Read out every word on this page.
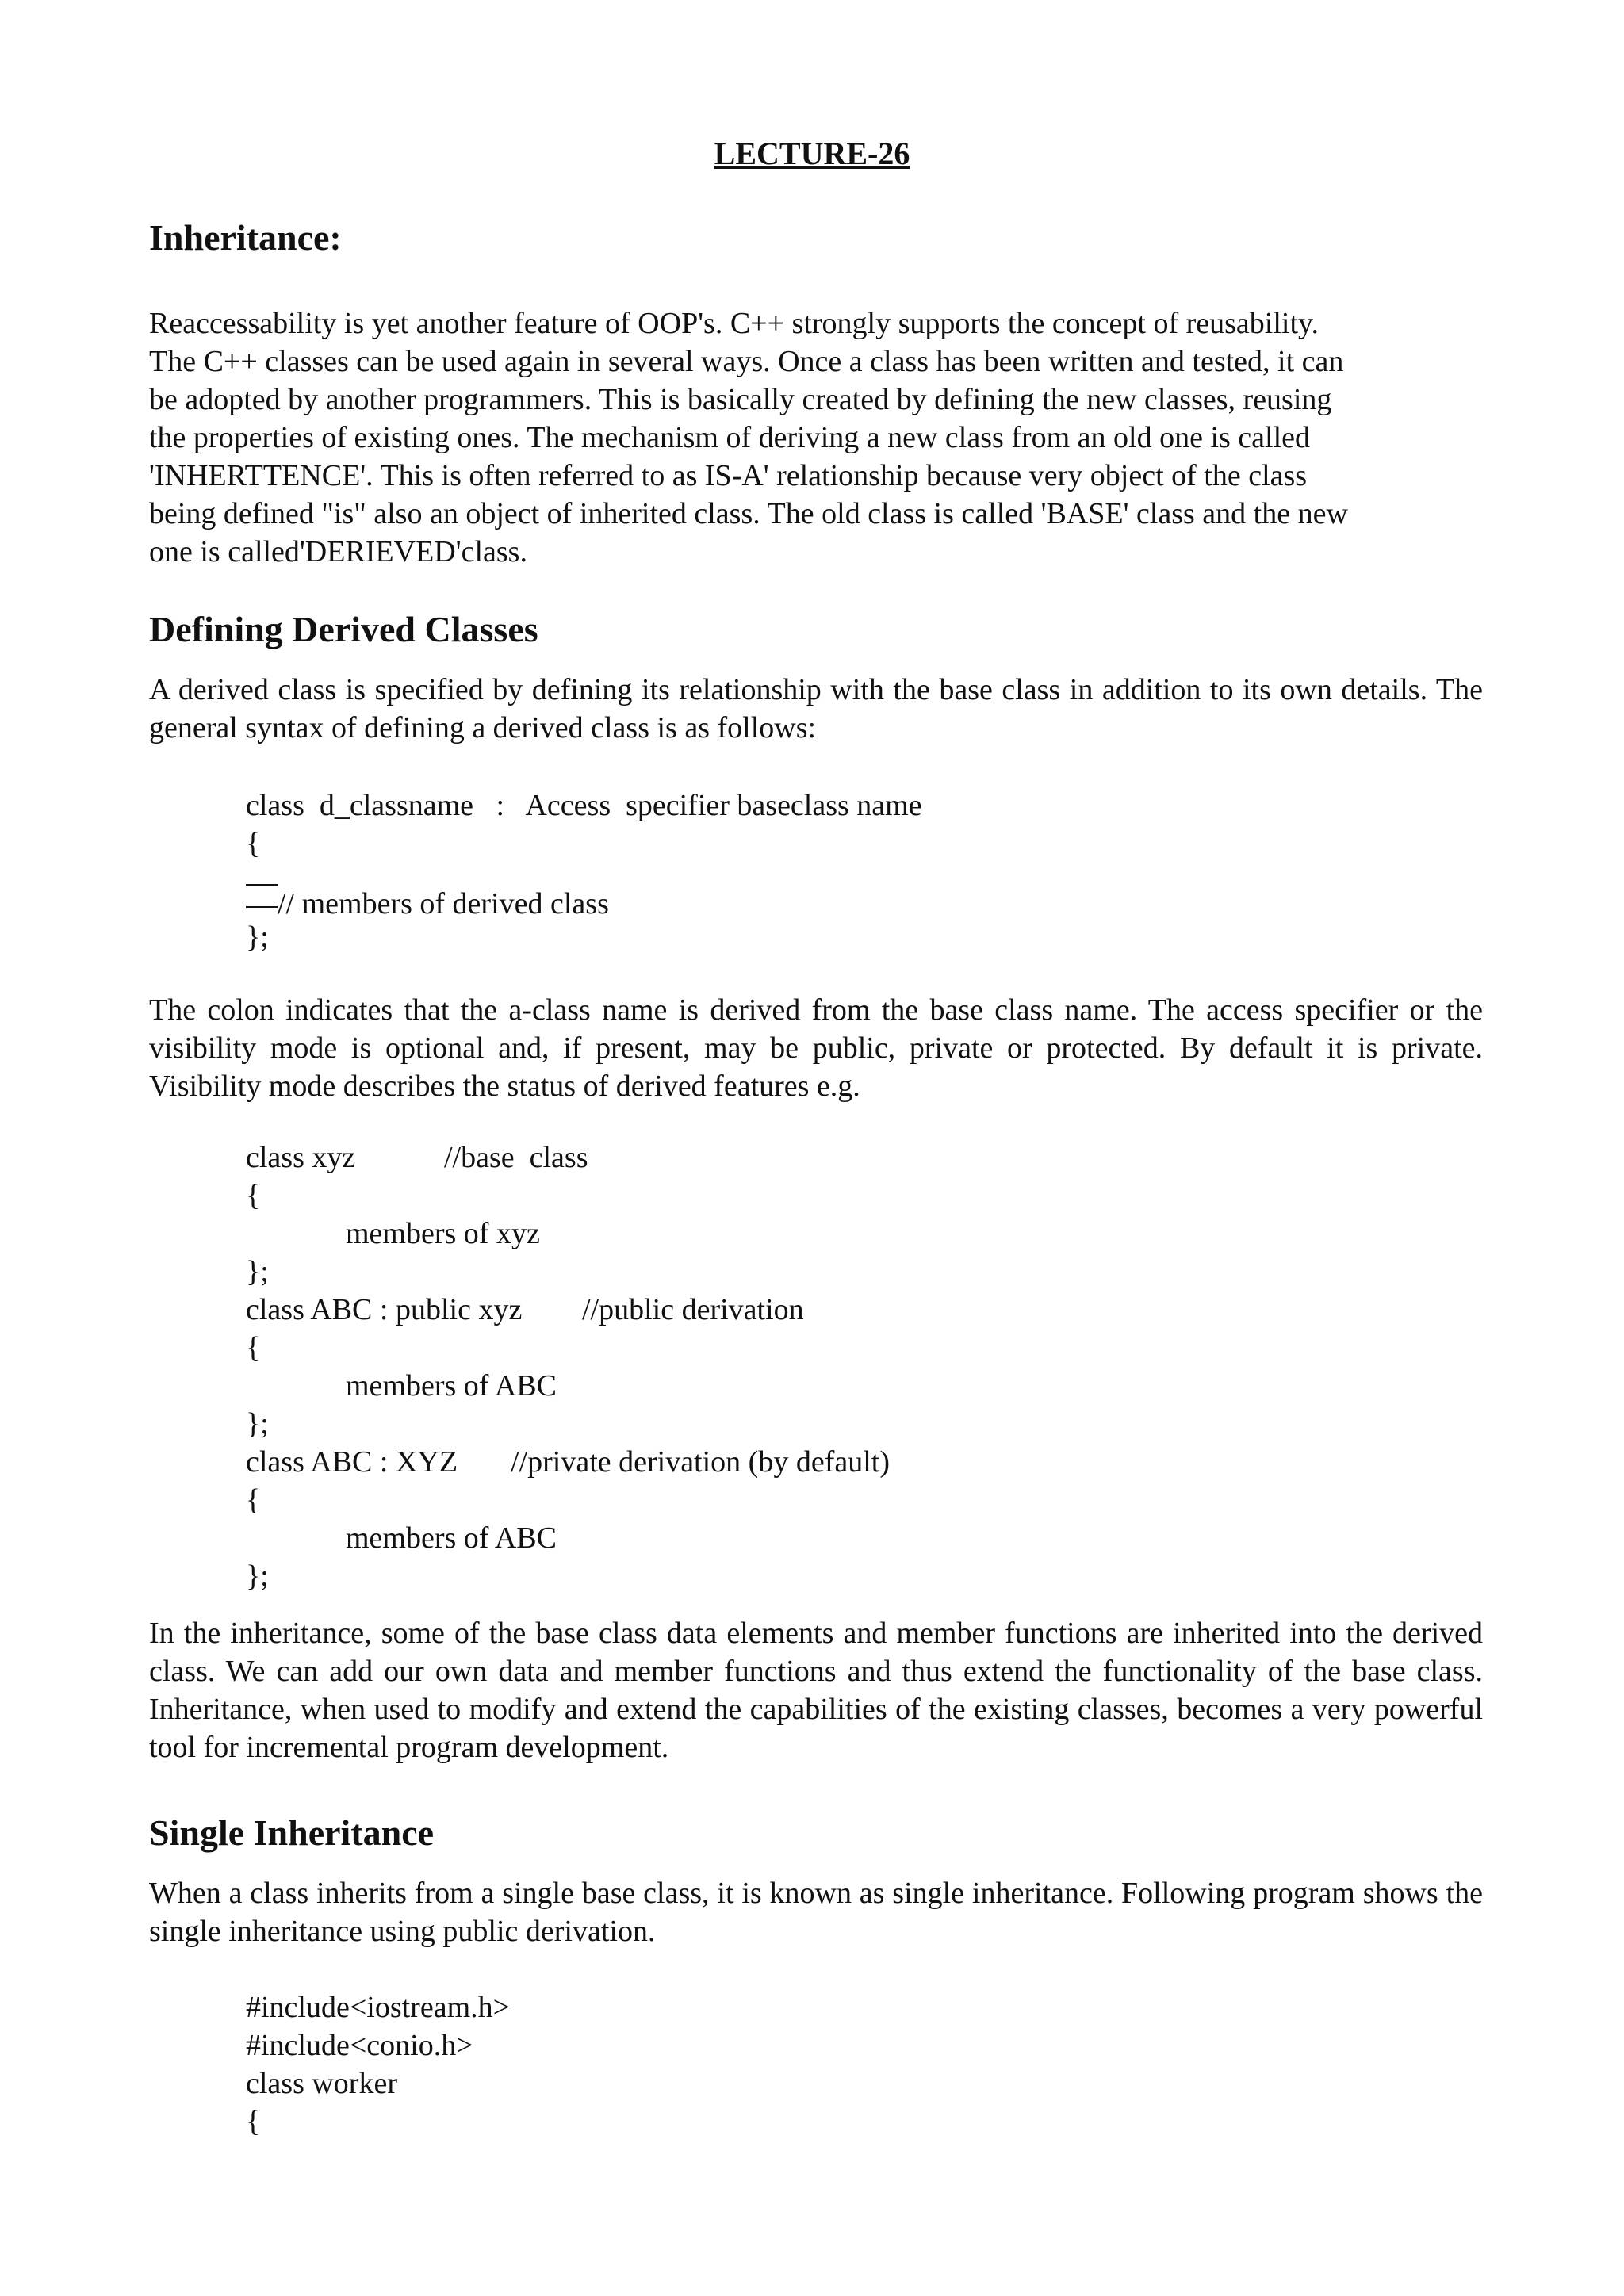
LECTURE-26
Inheritance:
Reaccessability is yet another feature of OOP's. C++ strongly supports the concept of reusability.
The C++ classes can be used again in several ways. Once a class has been written and tested, it can
be adopted by another programmers. This is basically created by defining the new classes, reusing
the properties of existing ones. The mechanism of deriving a new class from an old one is called
'INHERTTENCE'. This is often referred to as IS-A' relationship because very object of the class
being defined "is" also an object of inherited class. The old class is called 'BASE' class and the new
one is called'DERIEVED'class.
Defining Derived Classes

A derived class is specified by defining its relationship with the base class in addition to its own details. The general syntax of defining a derived class is as follows:

class  d_classname   :   Access  specifier baseclass name
{
// members of derived class
};

The colon indicates that the a-class name is derived from the base class name. The access specifier or the visibility mode is optional and, if present, may be public, private or protected. By default it is private. Visibility mode describes the status of derived features e.g.

class xyz	//base  class
{
members of xyz
};
class ABC : public xyz //public derivation
{
members of ABC
};
class ABC : XYZ //private derivation (by default)
{
members of ABC
};

In the inheritance, some of the base class data elements and member functions are inherited into the derived class. We can add our own data and member functions and thus extend the functionality of the base class. Inheritance, when used to modify and extend the capabilities of the existing classes, becomes a very powerful tool for incremental program development.

Single Inheritance

When a class inherits from a single base class, it is known as single inheritance. Following program shows the single inheritance using public derivation.

#include<iostream.h>
#include<conio.h>
class worker
{
